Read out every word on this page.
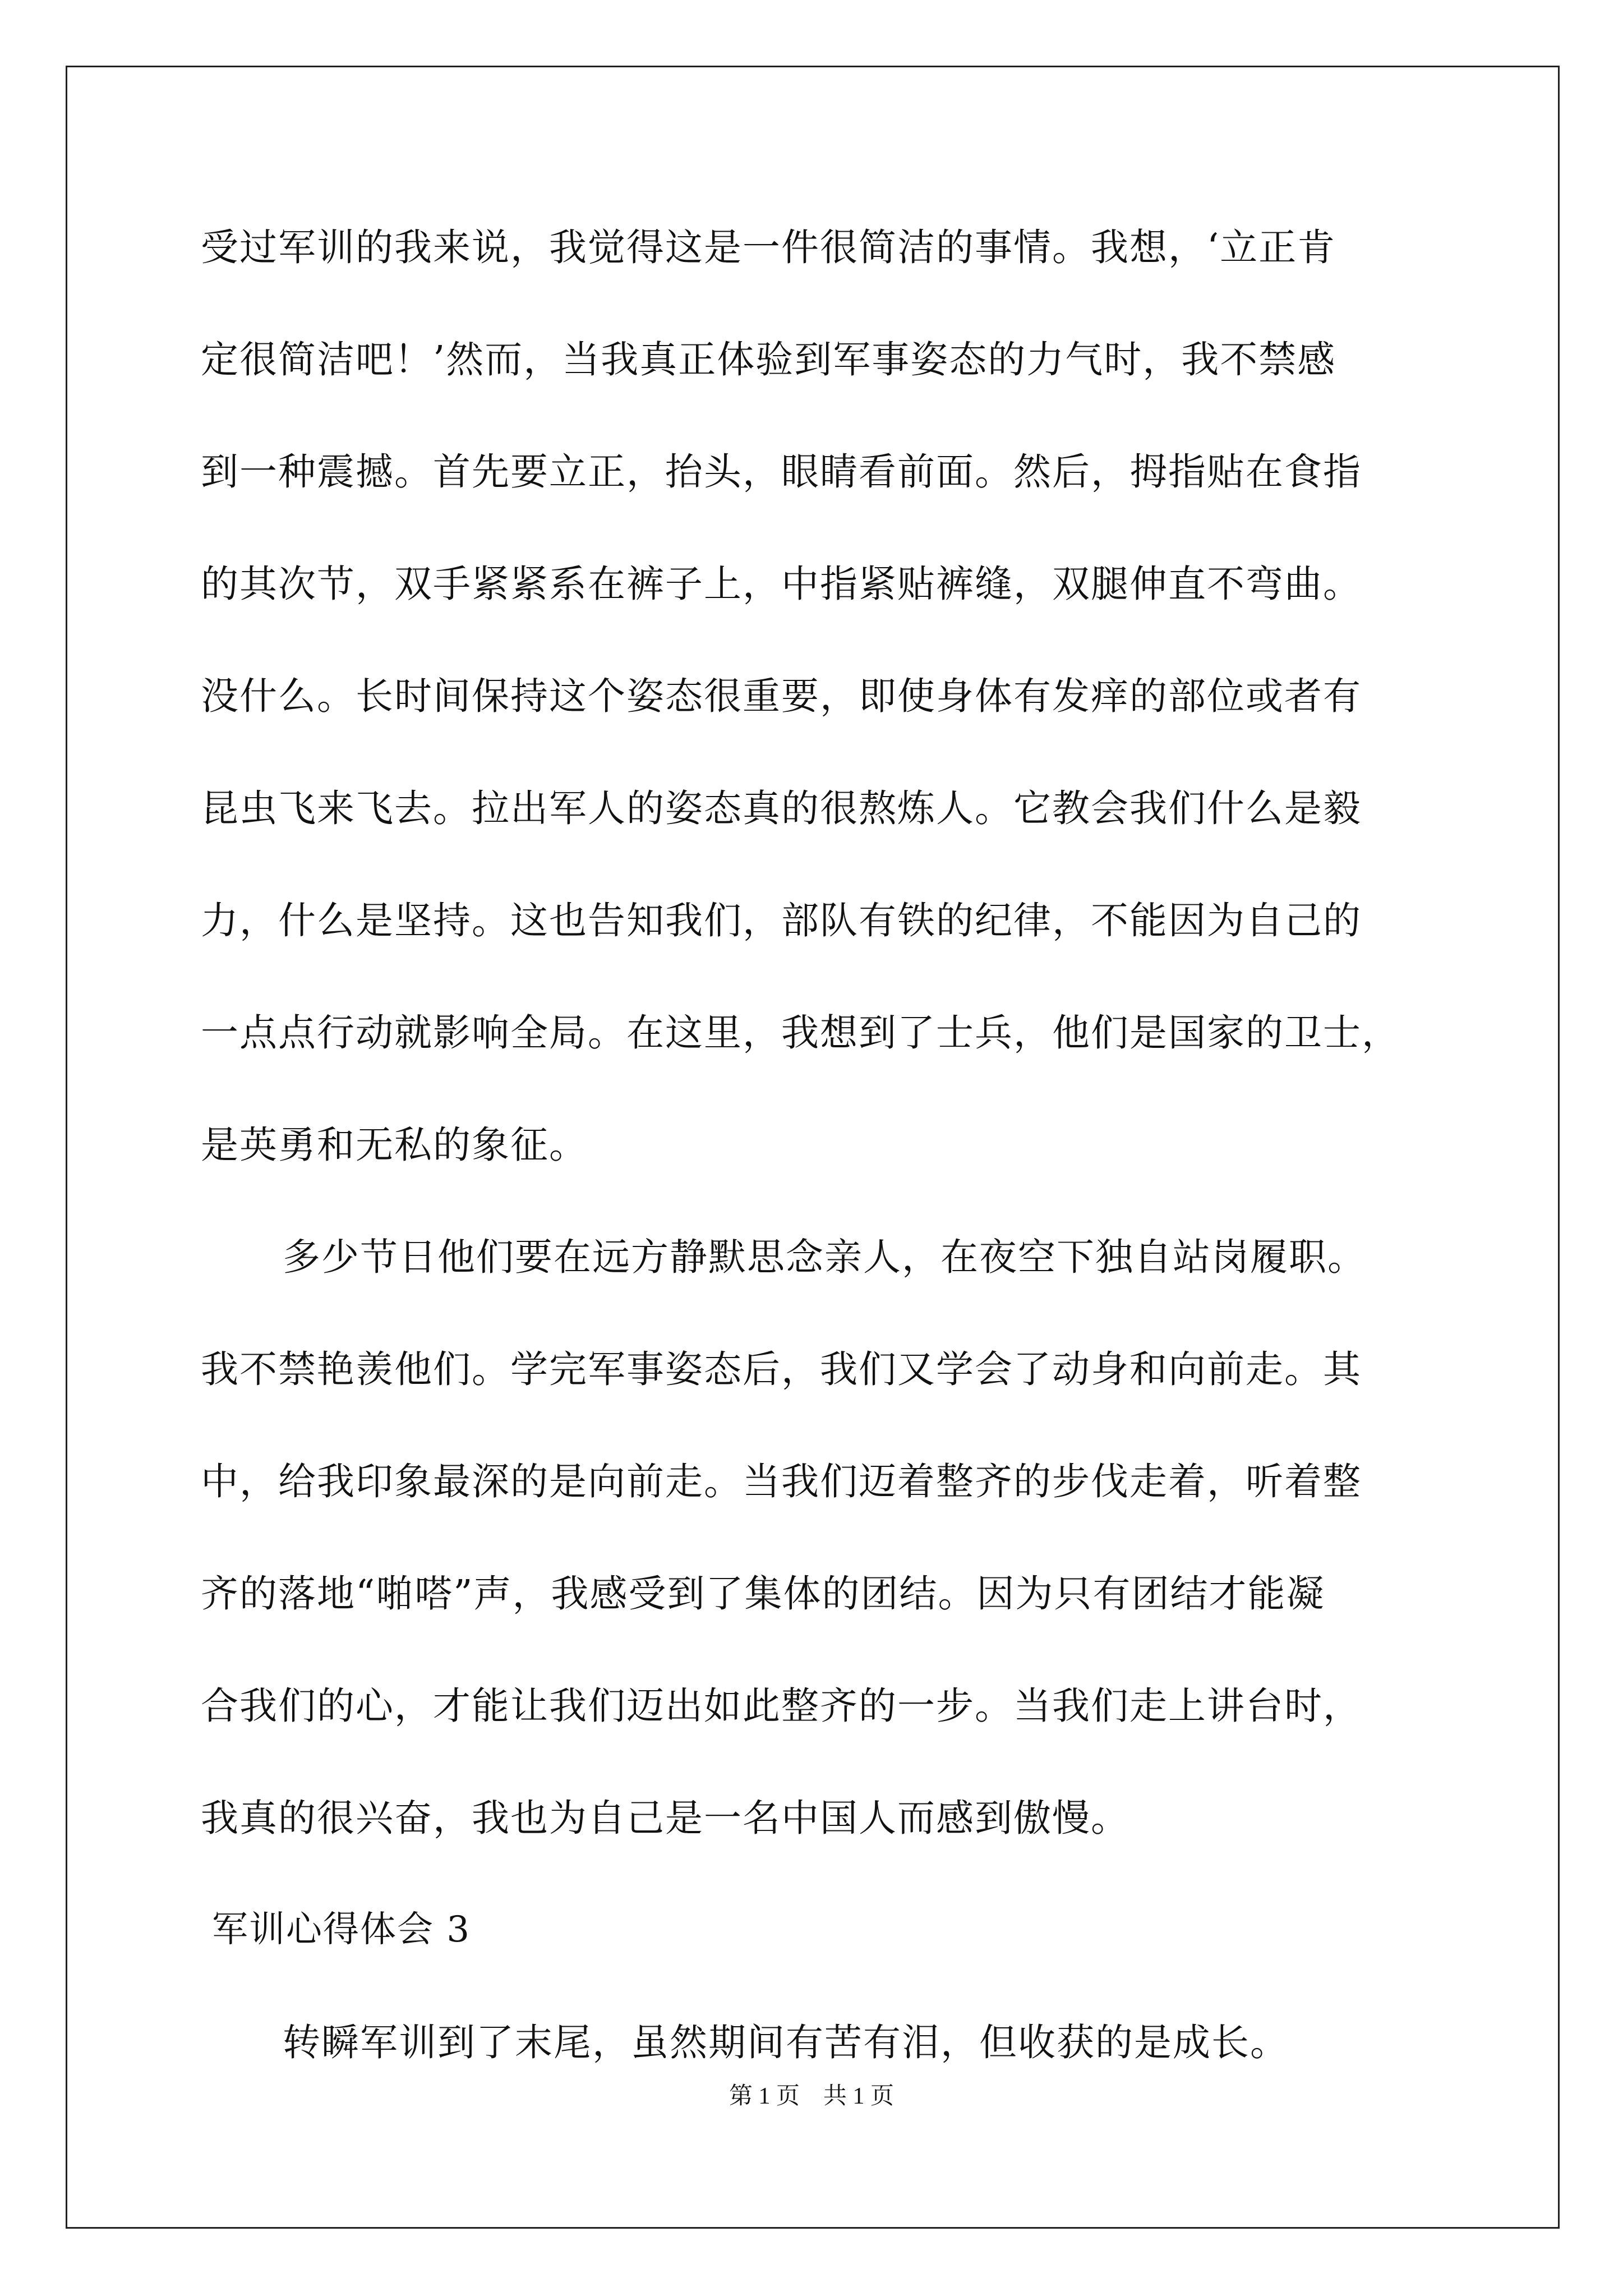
受过军训的我来说，我觉得这是一件很简洁的事情。我想，‘立正肯
定很简洁吧！’然而，当我真正体验到军事姿态的力气时，我不禁感
到一种震撼。首先要立正，抬头，眼睛看前面。然后，拇指贴在食指
的其次节，双手紧紧系在裤子上，中指紧贴裤缝，双腿伸直不弯曲。
没什么。长时间保持这个姿态很重要，即使身体有发痒的部位或者有
昆虫飞来飞去。拉出军人的姿态真的很熬炼人。它教会我们什么是毅
力，什么是坚持。这也告知我们，部队有铁的纪律，不能因为自己的
一点点行动就影响全局。在这里，我想到了士兵，他们是国家的卫士，
是英勇和无私的象征。
多少节日他们要在远方静默思念亲人，在夜空下独自站岗履职。
我不禁艳羡他们。学完军事姿态后，我们又学会了动身和向前走。其
中，给我印象最深的是向前走。当我们迈着整齐的步伐走着，听着整
齐的落地“啪嗒”声，我感受到了集体的团结。因为只有团结才能凝
合我们的心，才能让我们迈出如此整齐的一步。当我们走上讲台时，
我真的很兴奋，我也为自己是一名中国人而感到傲慢。
军训心得体会 3
转瞬军训到了末尾，虽然期间有苦有泪，但收获的是成长。
第 1 页　共 1 页
